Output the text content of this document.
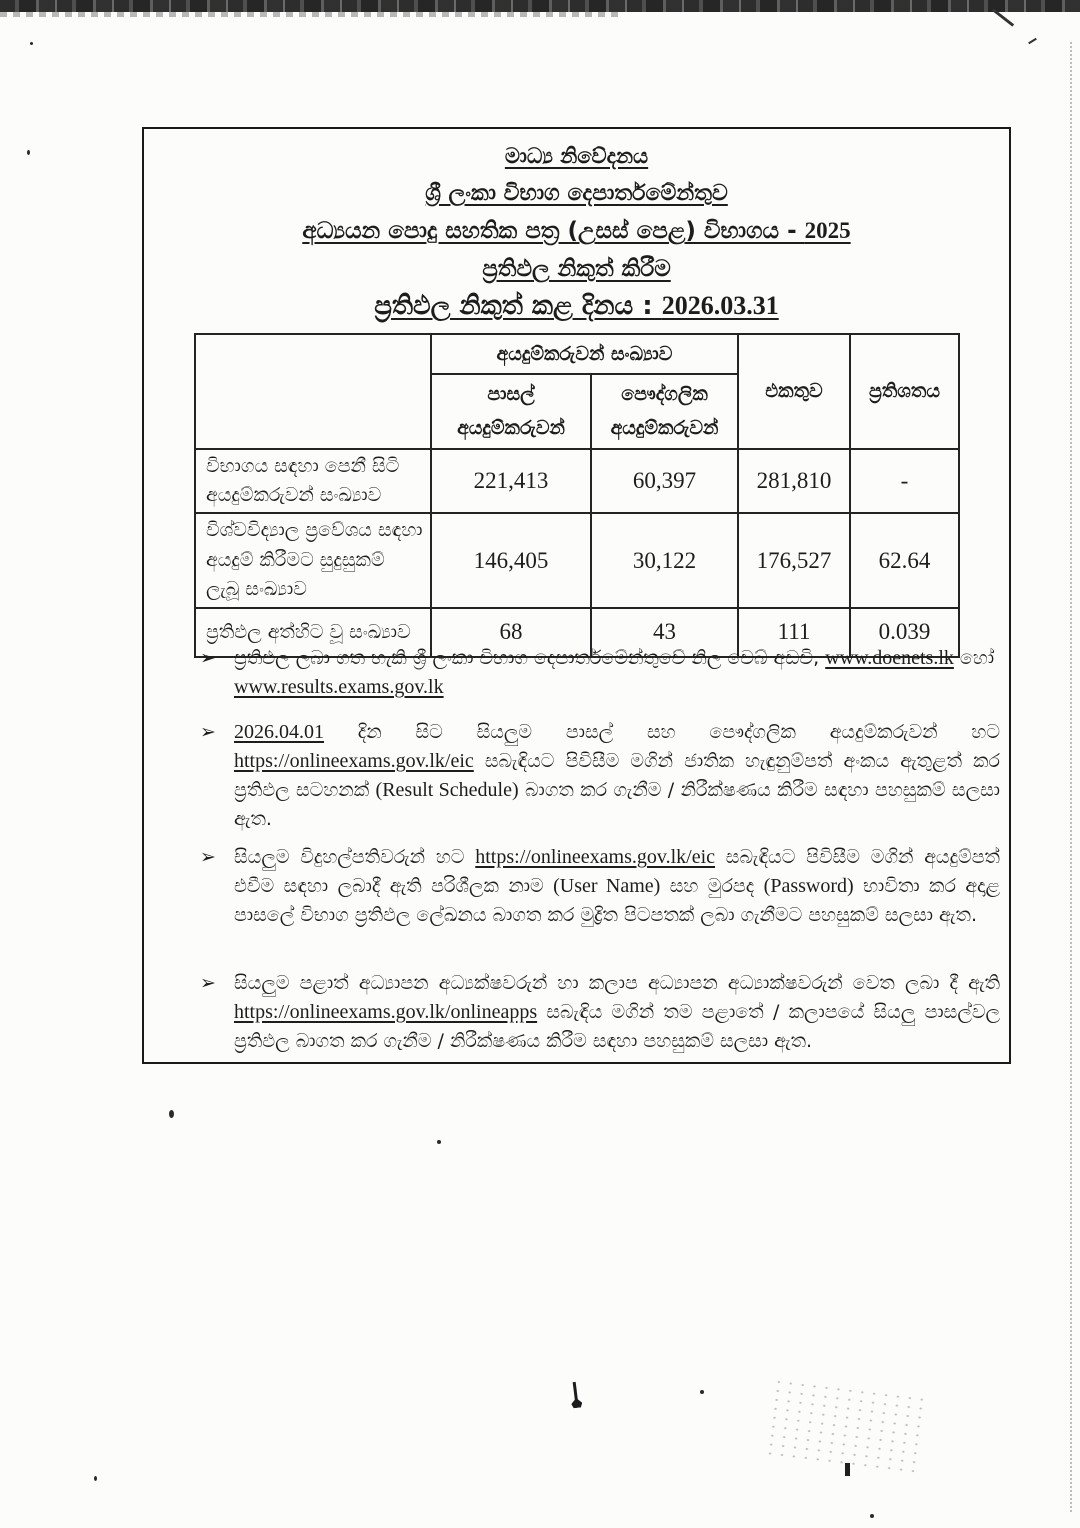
මාධ්‍ය නිවේදනය
ශ්‍රී ලංකා විභාග දෙපාර්තමේන්තුව
අධ්‍යයන පොදු සහතික පත්‍ර (උසස් පෙළ) විභාගය - 2025
ප්‍රතිඵල නිකුත් කිරීම
ප්‍රතිඵල නිකුත් කළ දිනය : 2026.03.31
	අයදුම්කරුවන් සංඛ්‍යාව		එකතුව	ප්‍රතිශතය
	පාසල් අයදුම්කරුවන්	පෞද්ගලික අයදුම්කරුවන්		
විභාගය සඳහා පෙනී සිටි අයදුම්කරුවන් සංඛ්‍යාව	221,413	60,397	281,810	-
විශ්වවිද්‍යාල ප්‍රවේශය සඳහා අයදුම් කිරීමට සුදුසුකම් ලැබූ සංඛ්‍යාව	146,405	30,122	176,527	62.64
ප්‍රතිඵල අත්හිට වූ සංඛ්‍යාව	68	43	111	0.039
➢ ප්‍රතිඵල ලබා ගත හැකි ශ්‍රී ලංකා විභාග දෙපාර්තමේන්තුවේ නිල වෙබ් අඩවි, www.doenets.lk හෝ www.results.exams.gov.lk

➢ 2026.04.01 දින සිට සියලුම පාසල් සහ පෞද්ගලික අයදුම්කරුවන් හට https://onlineexams.gov.lk/eic සබැඳියට පිවිසීම මගින් ජාතික හැඳුනුම්පත් අංකය ඇතුළත් කර ප්‍රතිඵල සටහනක් (Result Schedule) බාගත කර ගැනීම / නිරීක්ෂණය කිරීම සඳහා පහසුකම් සලසා ඇත.

➢ සියලුම විදුහල්පතිවරුන් හට https://onlineexams.gov.lk/eic සබැඳියට පිවිසීම මගින් අයදුම්පත් එවීම සඳහා ලබාදී ඇති පරිශීලක නාම (User Name) සහ මුරපද (Password) භාවිතා කර අදාළ පාසලේ විභාග ප්‍රතිඵල ලේඛනය බාගත කර මුද්‍රිත පිටපතක් ලබා ගැනීමට පහසුකම් සලසා ඇත.

➢ සියලුම පළාත් අධ්‍යාපන අධ්‍යක්ෂවරුන් හා කලාප අධ්‍යාපන අධ්‍යාක්ෂවරුන් වෙත ලබා දී ඇති https://onlineexams.gov.lk/onlineapps සබැඳිය මගින් තම පළාතේ / කලාපයේ සියලු පාසල්වල ප්‍රතිඵල බාගත කර ගැනීම / නිරීක්ෂණය කිරීම සඳහා පහසුකම් සලසා ඇත.
